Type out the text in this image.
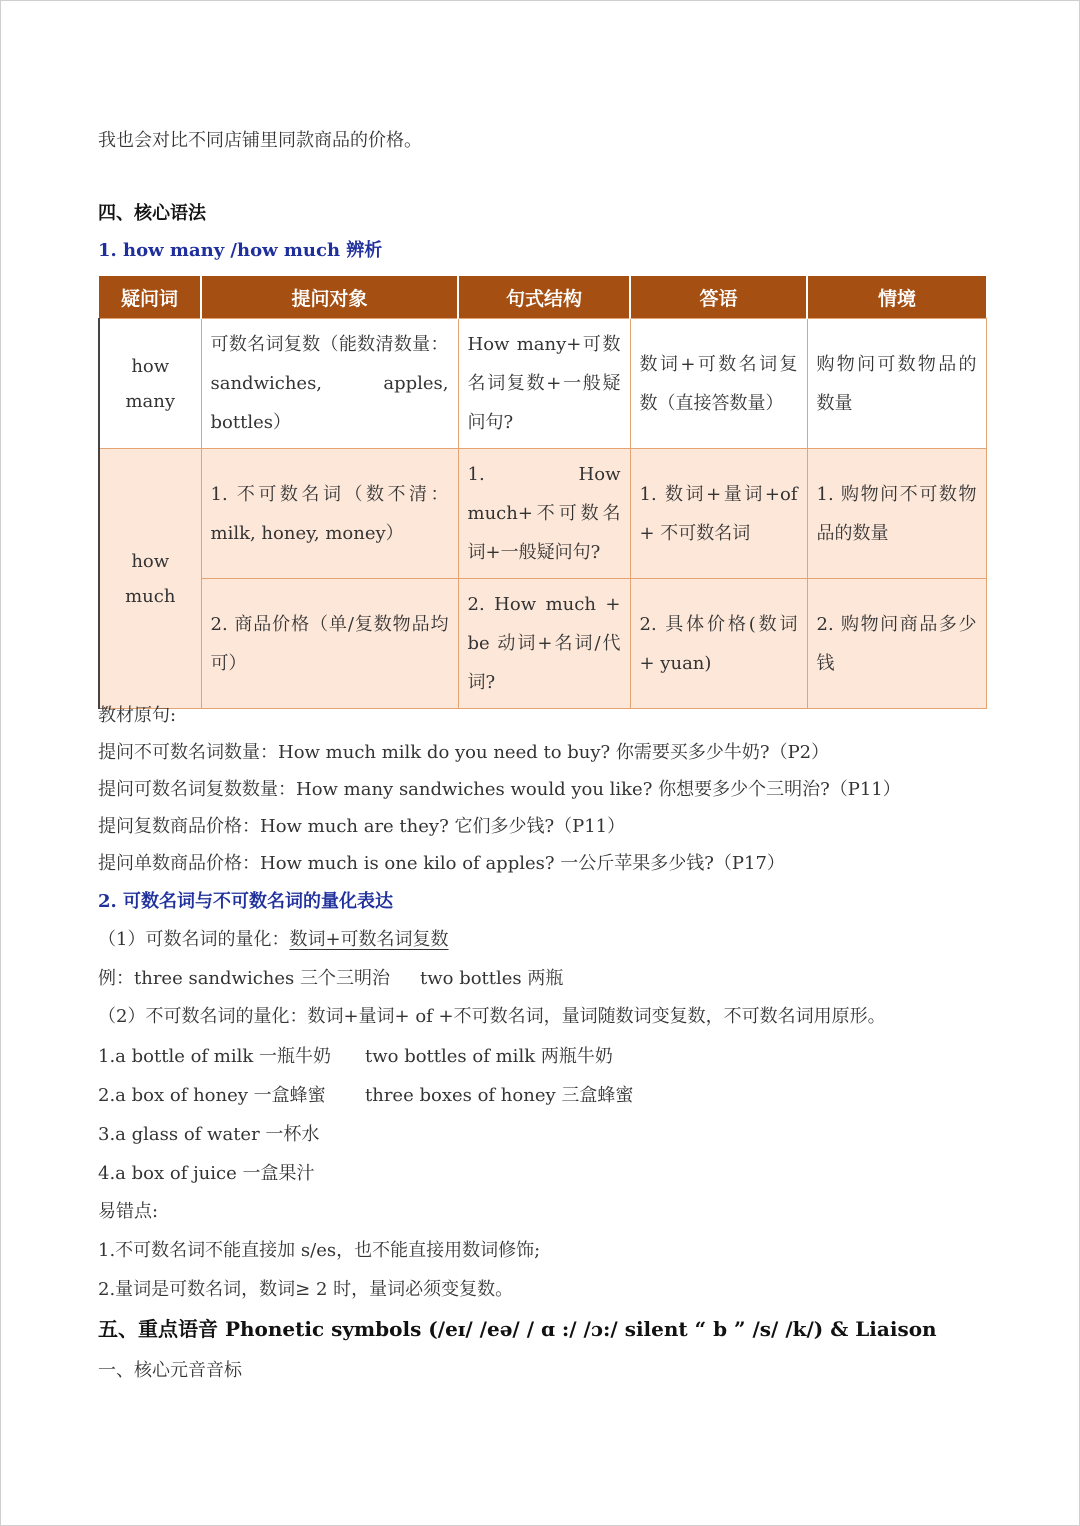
我也会对比不同店铺里同款商品的价格。
四、核心语法
1. how many /how much 辨析
疑问词	提问对象	句式结构	答语	情境
how many	可数名词复数（能数清数量：sandwiches, apples, bottles）	How many+可数名词复数+一般疑问句?	数词+可数名词复数（直接答数量）	购物问可数物品的数量
how much	1. 不可数名词（数不清：milk, honey, money）	1. How much+不可数名词+一般疑问句?	1. 数词+量词+of + 不可数名词	1. 购物问不可数物品的数量
	2. 商品价格（单/复数物品均可）	2. How much + be 动词+名词/代词?	2. 具体价格(数词 + yuan)	2. 购物问商品多少钱
教材原句:
提问不可数名词数量：How much milk do you need to buy? 你需要买多少牛奶?（P2）
提问可数名词复数数量：How many sandwiches would you like? 你想要多少个三明治?（P11）
提问复数商品价格：How much are they? 它们多少钱?（P11）
提问单数商品价格：How much is one kilo of apples? 一公斤苹果多少钱?（P17）
2. 可数名词与不可数名词的量化表达
（1）可数名词的量化：数词+可数名词复数
例：three sandwiches 三个三明治 two bottles 两瓶
（2）不可数名词的量化：数词+量词+ of +不可数名词，量词随数词变复数，不可数名词用原形。
1.a bottle of milk 一瓶牛奶 two bottles of milk 两瓶牛奶
2.a box of honey 一盒蜂蜜 three boxes of honey 三盒蜂蜜
3.a glass of water 一杯水
4.a box of juice 一盒果汁
易错点:
1.不可数名词不能直接加 s/es，也不能直接用数词修饰;
2.量词是可数名词，数词≥ 2 时，量词必须变复数。
五、重点语音 Phonetic symbols (/eɪ/ /eə/ / ɑ :/ /ɔ:/ silent “ b ” /s/ /k/) & Liaison
一、核心元音音标
